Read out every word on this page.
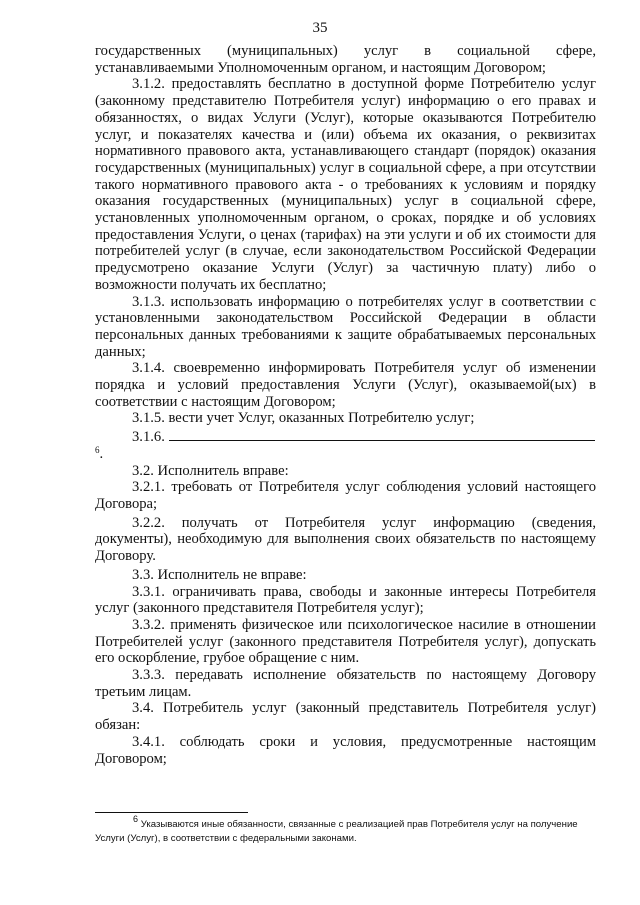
35

государственных (муниципальных) услуг в социальной сфере, устанавливаемыми Уполномоченным органом, и настоящим Договором;

3.1.2. предоставлять бесплатно в доступной форме Потребителю услуг (законному представителю Потребителя услуг) информацию о его правах и обязанностях, о видах Услуги (Услуг), которые оказываются Потребителю услуг, и показателях качества и (или) объема их оказания, о реквизитах нормативного правового акта, устанавливающего стандарт (порядок) оказания государственных (муниципальных) услуг в социальной сфере, а при отсутствии такого нормативного правового акта - о требованиях к условиям и порядку оказания государственных (муниципальных) услуг в социальной сфере, установленных уполномоченным органом, о сроках, порядке и об условиях предоставления Услуги, о ценах (тарифах) на эти услуги и об их стоимости для потребителей услуг (в случае, если законодательством Российской Федерации предусмотрено оказание Услуги (Услуг) за частичную плату) либо о возможности получать их бесплатно;

3.1.3. использовать информацию о потребителях услуг в соответствии с установленными законодательством Российской Федерации в области персональных данных требованиями к защите обрабатываемых персональных данных;

3.1.4. своевременно информировать Потребителя услуг об изменении порядка и условий предоставления Услуги (Услуг), оказываемой(ых) в соответствии с настоящим Договором;

3.1.5. вести учет Услуг, оказанных Потребителю услуг;

3.1.6.$^6$.

3.2. Исполнитель вправе:

3.2.1. требовать от Потребителя услуг соблюдения условий настоящего Договора;

3.2.2. получать от Потребителя услуг информацию (сведения, документы), необходимую для выполнения своих обязательств по настоящему Договору.

3.3. Исполнитель не вправе:

3.3.1. ограничивать права, свободы и законные интересы Потребителя услуг (законного представителя Потребителя услуг);

3.3.2. применять физическое или психологическое насилие в отношении Потребителей услуг (законного представителя Потребителя услуг), допускать его оскорбление, грубое обращение с ним.

3.3.3. передавать исполнение обязательств по настоящему Договору третьим лицам.

3.4. Потребитель услуг (законный представитель Потребителя услуг) обязан:

3.4.1. соблюдать сроки и условия, предусмотренные настоящим Договором;

$^6$ Указываются иные обязанности, связанные с реализацией прав Потребителя услуг на получение
Услуги (Услуг), в соответствии с федеральными законами.
